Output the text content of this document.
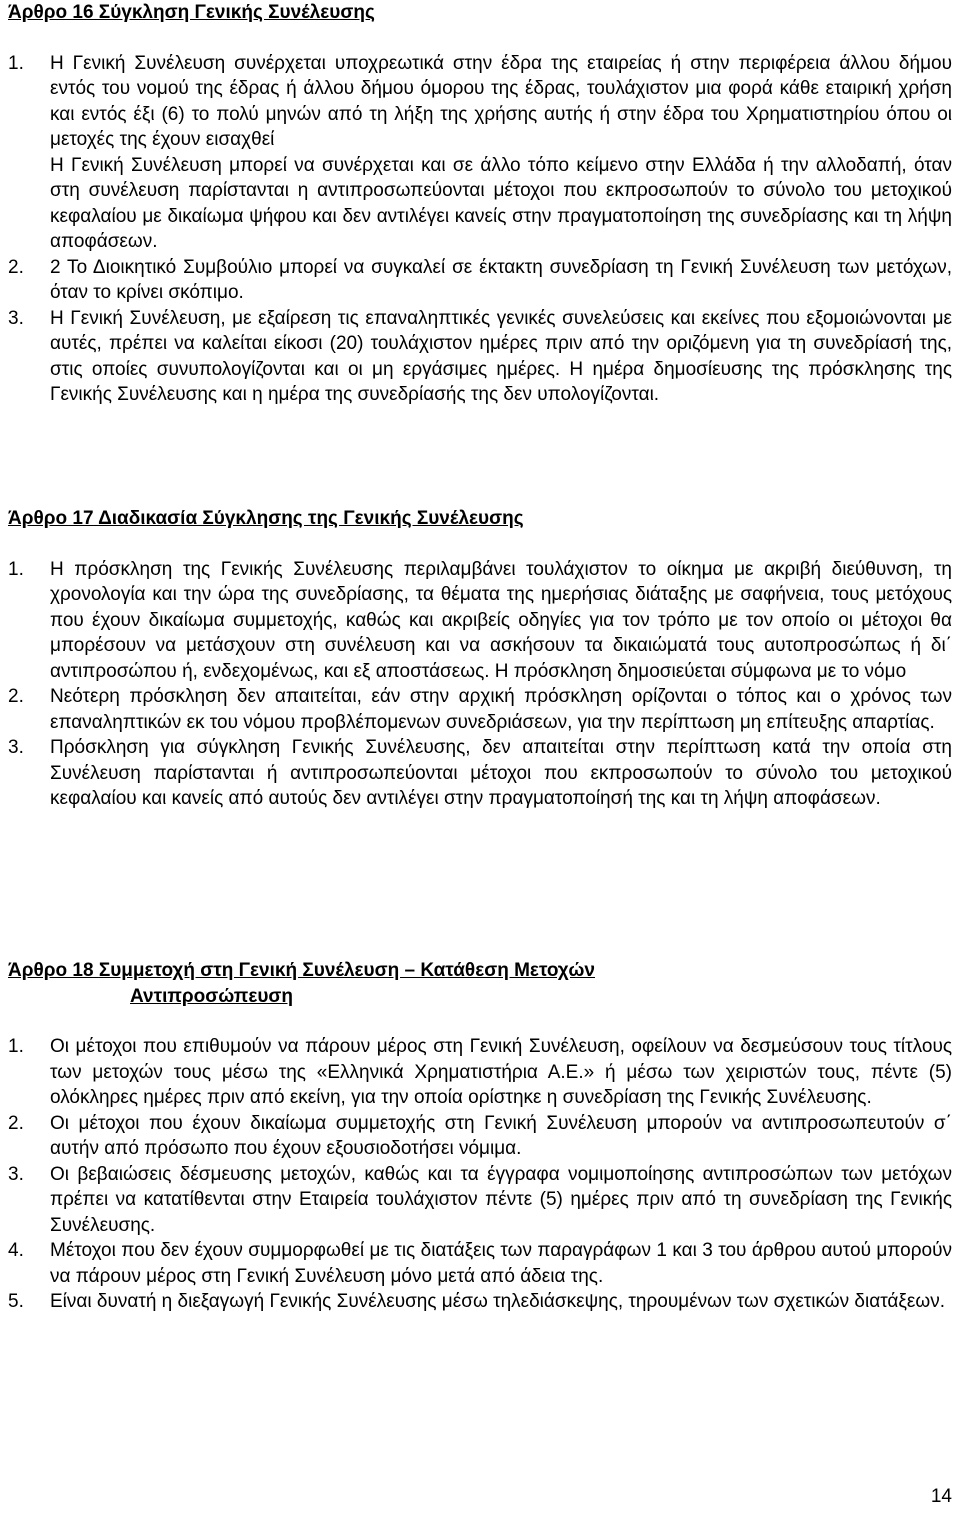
Άρθρο 16 Σύγκληση Γενικής Συνέλευσης
1. Η Γενική Συνέλευση συνέρχεται υποχρεωτικά στην έδρα της εταιρείας ή στην περιφέρεια άλλου δήμου εντός του νομού της έδρας ή άλλου δήμου όμορου της έδρας, τουλάχιστον μια φορά κάθε εταιρική χρήση και εντός έξι (6) το πολύ μηνών από τη λήξη της χρήσης αυτής ή στην έδρα του Χρηματιστηρίου όπου οι μετοχές της έχουν εισαχθεί
Η Γενική Συνέλευση μπορεί να συνέρχεται και σε άλλο τόπο κείμενο στην Ελλάδα ή την αλλοδαπή, όταν στη συνέλευση παρίστανται η αντιπροσωπεύονται μέτοχοι που εκπροσωπούν το σύνολο του μετοχικού κεφαλαίου με δικαίωμα ψήφου και δεν αντιλέγει κανείς στην πραγματοποίηση της συνεδρίασης και τη λήψη αποφάσεων.
2. 2 Το Διοικητικό Συμβούλιο μπορεί να συγκαλεί σε έκτακτη συνεδρίαση τη Γενική Συνέλευση των μετόχων, όταν το κρίνει σκόπιμο.
3. Η Γενική Συνέλευση, με εξαίρεση τις επαναληπτικές γενικές συνελεύσεις και εκείνες που εξομοιώνονται με αυτές, πρέπει να καλείται είκοσι (20) τουλάχιστον ημέρες πριν από την οριζόμενη για τη συνεδρίασή της, στις οποίες συνυπολογίζονται και οι μη εργάσιμες ημέρες. Η ημέρα δημοσίευσης της πρόσκλησης της Γενικής Συνέλευσης και η ημέρα της συνεδρίασής της δεν υπολογίζονται.
Άρθρο 17 Διαδικασία Σύγκλησης της Γενικής Συνέλευσης
1. Η πρόσκληση της Γενικής Συνέλευσης περιλαμβάνει τουλάχιστον το οίκημα με ακριβή διεύθυνση, τη χρονολογία και την ώρα της συνεδρίασης, τα θέματα της ημερήσιας διάταξης με σαφήνεια, τους μετόχους που έχουν δικαίωμα συμμετοχής, καθώς και ακριβείς οδηγίες για τον τρόπο με τον οποίο οι μέτοχοι θα μπορέσουν να μετάσχουν στη συνέλευση και να ασκήσουν τα δικαιώματά τους αυτοπροσώπως ή δι΄ αντιπροσώπου ή, ενδεχομένως, και εξ αποστάσεως. Η πρόσκληση δημοσιεύεται σύμφωνα με το νόμο
2. Νεότερη πρόσκληση δεν απαιτείται, εάν στην αρχική πρόσκληση ορίζονται ο τόπος και ο χρόνος των επαναληπτικών εκ του νόμου προβλέπομενων συνεδριάσεων, για την περίπτωση μη επίτευξης απαρτίας.
3. Πρόσκληση για σύγκληση Γενικής Συνέλευσης, δεν απαιτείται στην περίπτωση κατά την οποία στη Συνέλευση παρίστανται ή αντιπροσωπεύονται μέτοχοι που εκπροσωπούν το σύνολο του μετοχικού κεφαλαίου και κανείς από αυτούς δεν αντιλέγει στην πραγματοποίησή της και τη λήψη αποφάσεων.
Άρθρο 18 Συμμετοχή στη Γενική Συνέλευση – Κατάθεση Μετοχών
Αντιπροσώπευση
1. Οι μέτοχοι που επιθυμούν να πάρουν μέρος στη Γενική Συνέλευση, οφείλουν να δεσμεύσουν τους τίτλους των μετοχών τους μέσω της «Ελληνικά Χρηματιστήρια Α.Ε.» ή μέσω των χειριστών τους, πέντε (5) ολόκληρες ημέρες πριν από εκείνη, για την οποία ορίστηκε η συνεδρίαση της Γενικής Συνέλευσης.
2. Οι μέτοχοι που έχουν δικαίωμα συμμετοχής στη Γενική Συνέλευση μπορούν να αντιπροσωπευτούν σ΄ αυτήν από πρόσωπο που έχουν εξουσιοδοτήσει νόμιμα.
3. Οι βεβαιώσεις δέσμευσης μετοχών, καθώς και τα έγγραφα νομιμοποίησης αντιπροσώπων των μετόχων πρέπει να κατατίθενται στην Εταιρεία τουλάχιστον πέντε (5) ημέρες πριν από τη συνεδρίαση της Γενικής Συνέλευσης.
4. Μέτοχοι που δεν έχουν συμμορφωθεί με τις διατάξεις των παραγράφων 1 και 3 του άρθρου αυτού μπορούν να πάρουν μέρος στη Γενική Συνέλευση μόνο μετά από άδεια της.
5. Είναι δυνατή η διεξαγωγή Γενικής Συνέλευσης μέσω τηλεδιάσκεψης, τηρουμένων των σχετικών διατάξεων.
14
